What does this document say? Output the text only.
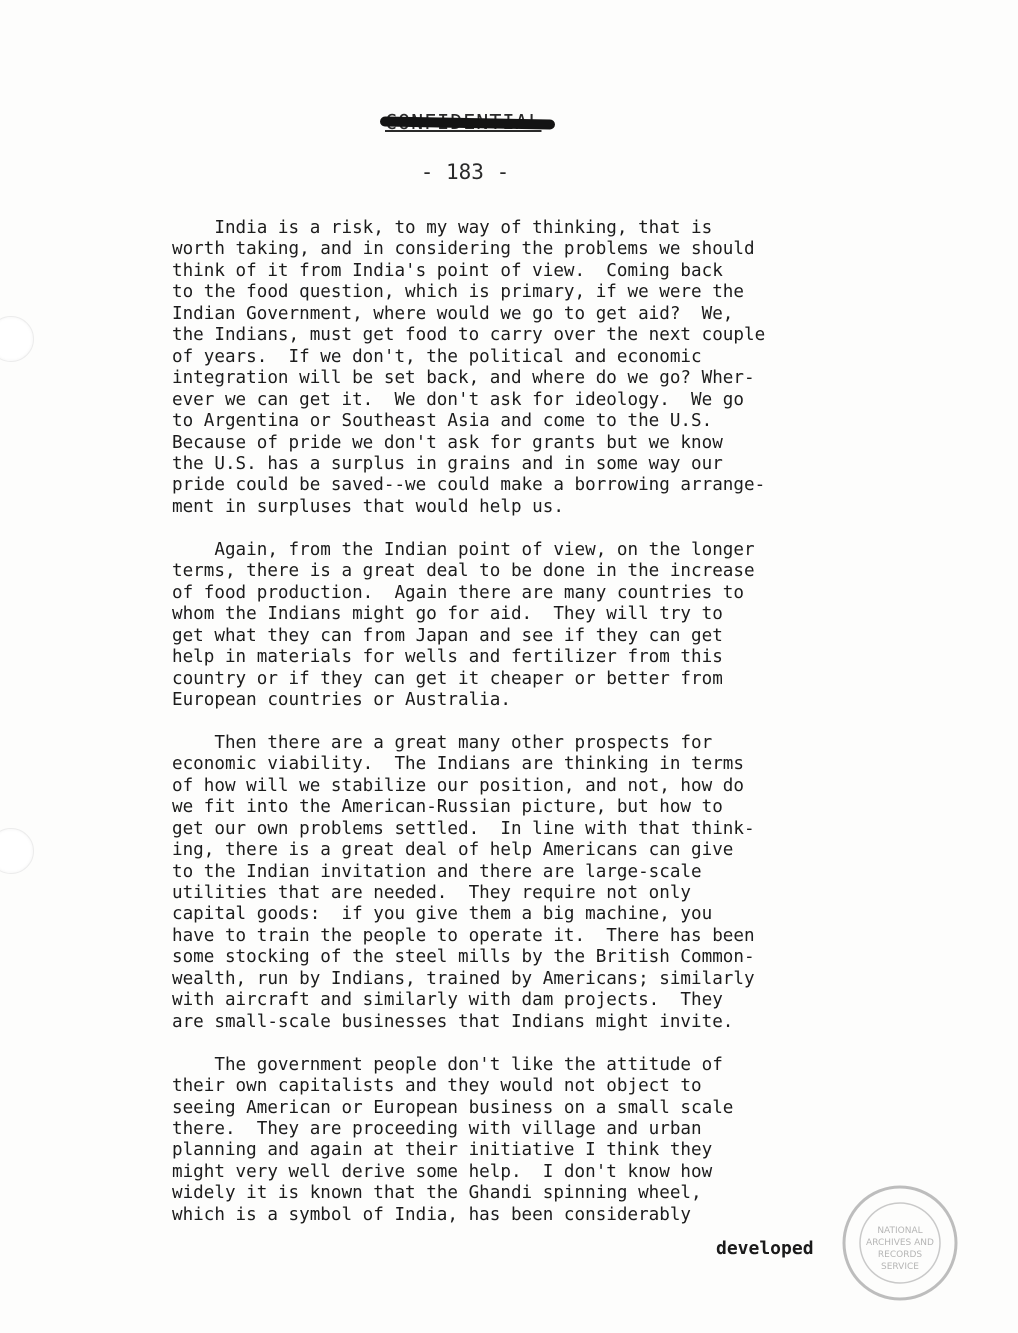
- 183 -
India is a risk, to my way of thinking, that is
worth taking, and in considering the problems we should
think of it from India's point of view.  Coming back
to the food question, which is primary, if we were the
Indian Government, where would we go to get aid?  We,
the Indians, must get food to carry over the next couple
of years.  If we don't, the political and economic
integration will be set back, and where do we go? Wher-
ever we can get it.  We don't ask for ideology.  We go
to Argentina or Southeast Asia and come to the U.S.
Because of pride we don't ask for grants but we know
the U.S. has a surplus in grains and in some way our
pride could be saved--we could make a borrowing arrange-
ment in surpluses that would help us.
Again, from the Indian point of view, on the longer
terms, there is a great deal to be done in the increase
of food production.  Again there are many countries to
whom the Indians might go for aid.  They will try to
get what they can from Japan and see if they can get
help in materials for wells and fertilizer from this
country or if they can get it cheaper or better from
European countries or Australia.
Then there are a great many other prospects for
economic viability.  The Indians are thinking in terms
of how will we stabilize our position, and not, how do
we fit into the American-Russian picture, but how to
get our own problems settled.  In line with that think-
ing, there is a great deal of help Americans can give
to the Indian invitation and there are large-scale
utilities that are needed.  They require not only
capital goods:  if you give them a big machine, you
have to train the people to operate it.  There has been
some stocking of the steel mills by the British Common-
wealth, run by Indians, trained by Americans; similarly
with aircraft and similarly with dam projects.  They
are small-scale businesses that Indians might invite.
The government people don't like the attitude of
their own capitalists and they would not object to
seeing American or European business on a small scale
there.  They are proceeding with village and urban
planning and again at their initiative I think they
might very well derive some help.  I don't know how
widely it is known that the Ghandi spinning wheel,
which is a symbol of India, has been considerably
developed
NATIONAL
ARCHIVES AND
RECORDS
SERVICE
